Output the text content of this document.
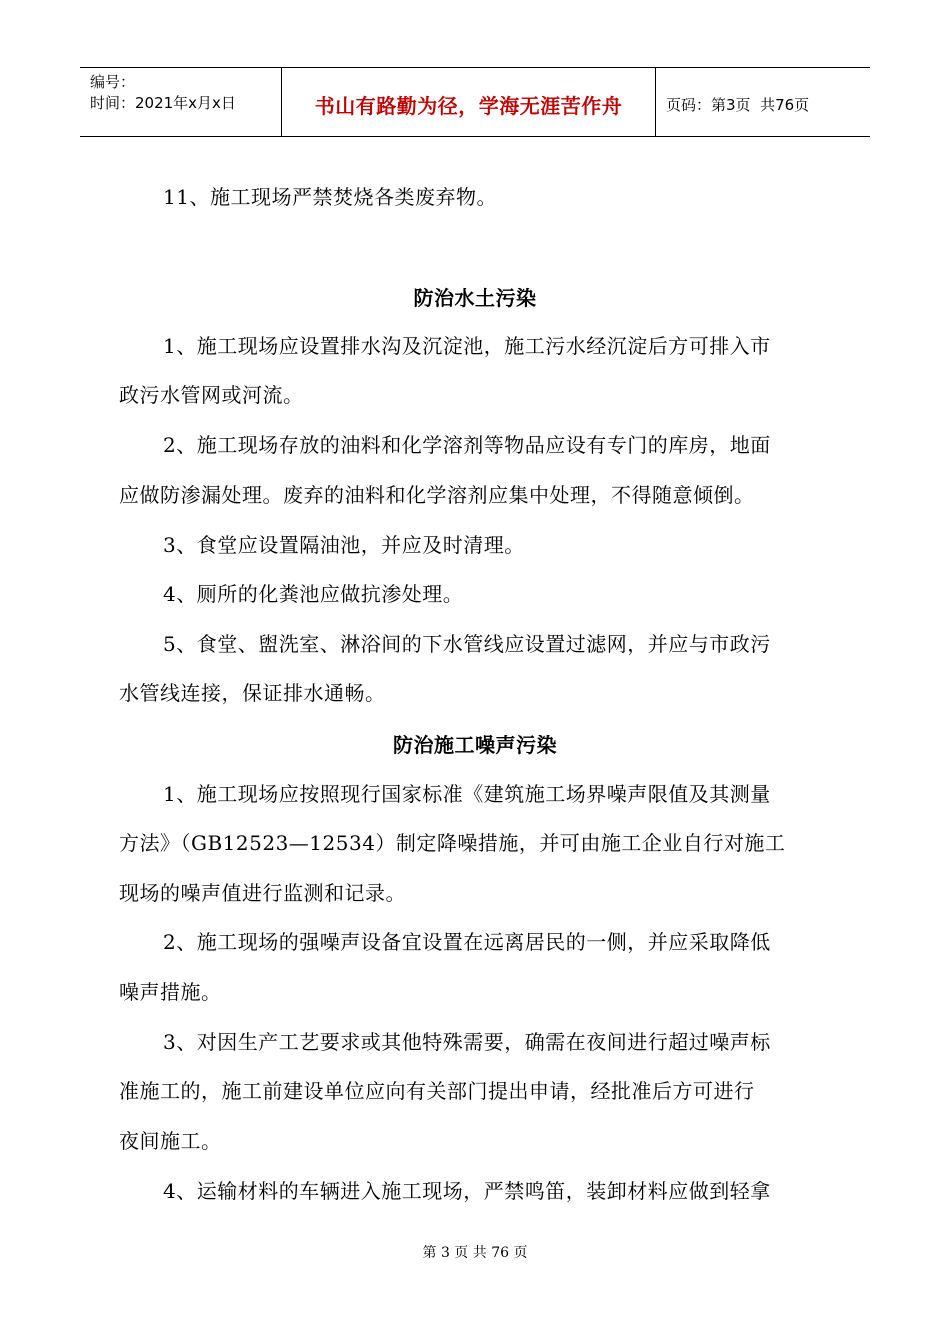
编号：
时间：2021年x月x日	书山有路勤为径，学海无涯苦作舟	页码：第3页  共76页
11、施工现场严禁焚烧各类废弃物。
防治水土污染
1、施工现场应设置排水沟及沉淀池，施工污水经沉淀后方可排入市
政污水管网或河流。
2、施工现场存放的油料和化学溶剂等物品应设有专门的库房，地面
应做防渗漏处理。废弃的油料和化学溶剂应集中处理，不得随意倾倒。
3、食堂应设置隔油池，并应及时清理。
4、厕所的化粪池应做抗渗处理。
5、食堂、盥洗室、淋浴间的下水管线应设置过滤网，并应与市政污
水管线连接，保证排水通畅。
防治施工噪声污染
1、施工现场应按照现行国家标准《建筑施工场界噪声限值及其测量
方法》（GB12523—12534）制定降噪措施，并可由施工企业自行对施工
现场的噪声值进行监测和记录。
2、施工现场的强噪声设备宜设置在远离居民的一侧，并应采取降低
噪声措施。
3、对因生产工艺要求或其他特殊需要，确需在夜间进行超过噪声标
准施工的，施工前建设单位应向有关部门提出申请，经批准后方可进行
夜间施工。
4、运输材料的车辆进入施工现场，严禁鸣笛，装卸材料应做到轻拿
第 3 页 共 76 页
